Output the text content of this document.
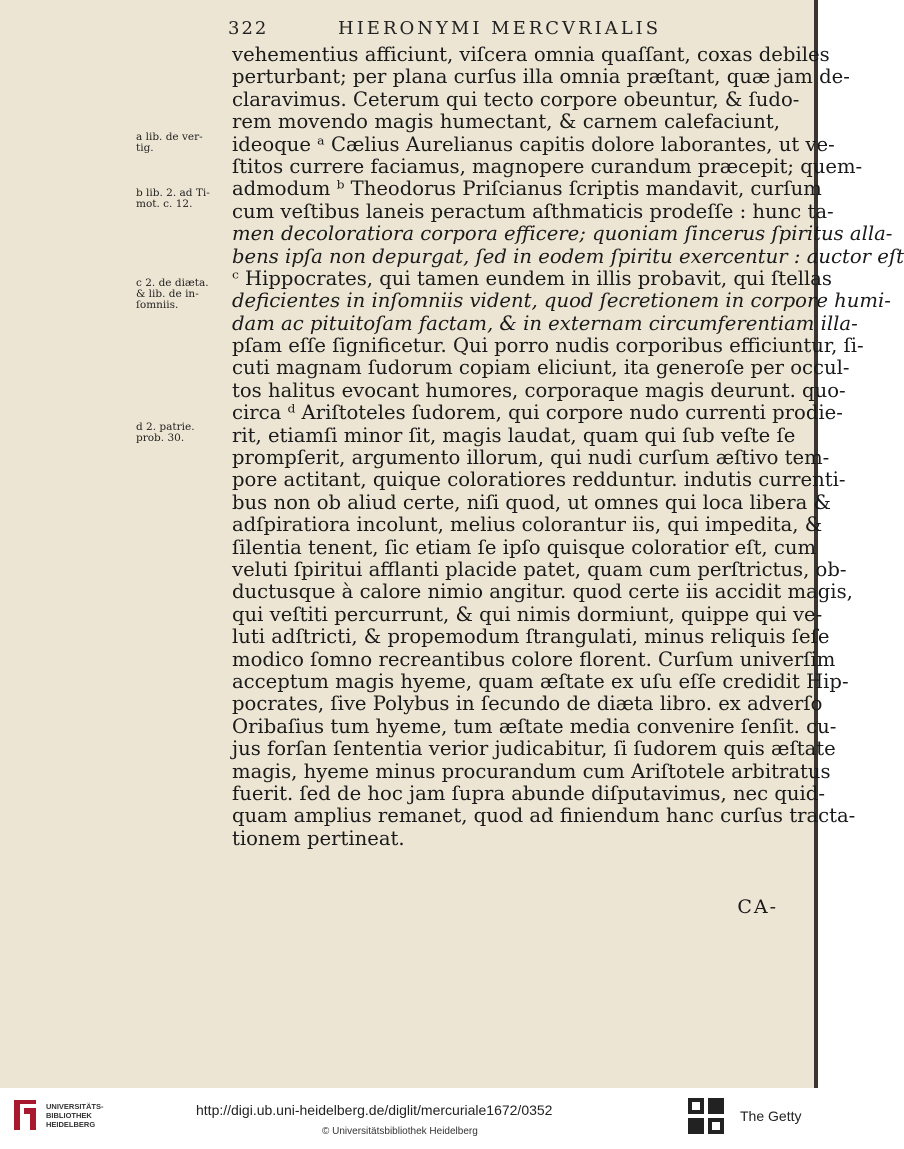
322	HIERONYMI MERCVRIALIS
a lib. de ver-
tig.
b lib. 2. ad Ti-
mot. c. 12.
c 2. de diæta.
& lib. de in-
ſomniis.
d 2. patrie.
prob. 30.
vehementius afficiunt, viſcera omnia quaſſant, coxas debiles
perturbant; per plana curſus illa omnia præſtant, quæ jam de-
claravimus. Ceterum qui tecto corpore obeuntur, & ſudo-
rem movendo magis humectant, & carnem calefaciunt,
ideoque ᵃ Cælius Aurelianus capitis dolore laborantes, ut ve-
ſtitos currere faciamus, magnopere curandum præcepit; quem-
admodum ᵇ Theodorus Priſcianus ſcriptis mandavit, curſum
cum veſtibus laneis peractum aſthmaticis prodeſſe : hunc ta-
men decoloratiora corpora efficere; quoniam ſincerus ſpiritus alla-
bens ipſa non depurgat, ſed in eodem ſpiritu exercentur : auctor eſt
ᶜ Hippocrates, qui tamen eundem in illis probavit, qui ſtellas
deficientes in inſomniis vident, quod ſecretionem in corpore humi-
dam ac pituitoſam factam, & in externam circumferentiam illa-
pſam eſſe ſignificetur. Qui porro nudis corporibus efficiuntur, ſi-
cuti magnam ſudorum copiam eliciunt, ita generoſe per occul-
tos halitus evocant humores, corporaque magis deurunt. quo-
circa ᵈ Ariſtoteles ſudorem, qui corpore nudo currenti prodie-
rit, etiamſi minor ſit, magis laudat, quam qui ſub veſte ſe
prompſerit, argumento illorum, qui nudi curſum æſtivo tem-
pore actitant, quique coloratiores redduntur. indutis currenti-
bus non ob aliud certe, niſi quod, ut omnes qui loca libera &
adſpiratiora incolunt, melius colorantur iis, qui impedita, &
ſilentia tenent, ſic etiam ſe ipſo quisque coloratior eſt, cum
veluti ſpiritui afflanti placide patet, quam cum perſtrictus, ob-
ductusque à calore nimio angitur. quod certe iis accidit magis,
qui veſtiti percurrunt, & qui nimis dormiunt, quippe qui ve-
luti adſtricti, & propemodum ſtrangulati, minus reliquis ſeſe
modico ſomno recreantibus colore florent. Curſum univerſim
acceptum magis hyeme, quam æſtate ex uſu eſſe credidit Hip-
pocrates, ſive Polybus in ſecundo de diæta libro. ex adverſo
Oribaſius tum hyeme, tum æſtate media convenire ſenſit. cu-
jus forſan ſententia verior judicabitur, ſi ſudorem quis æſtate
magis, hyeme minus procurandum cum Ariſtotele arbitratus
fuerit. ſed de hoc jam ſupra abunde diſputavimus, nec quid-
quam amplius remanet, quod ad finiendum hanc curſus tracta-
tionem pertineat.
CA-
UNIVERSITÄTS-
BIBLIOTHEK
HEIDELBERG
http://digi.ub.uni-heidelberg.de/diglit/mercuriale1672/0352
© Universitätsbibliothek Heidelberg
The Getty
